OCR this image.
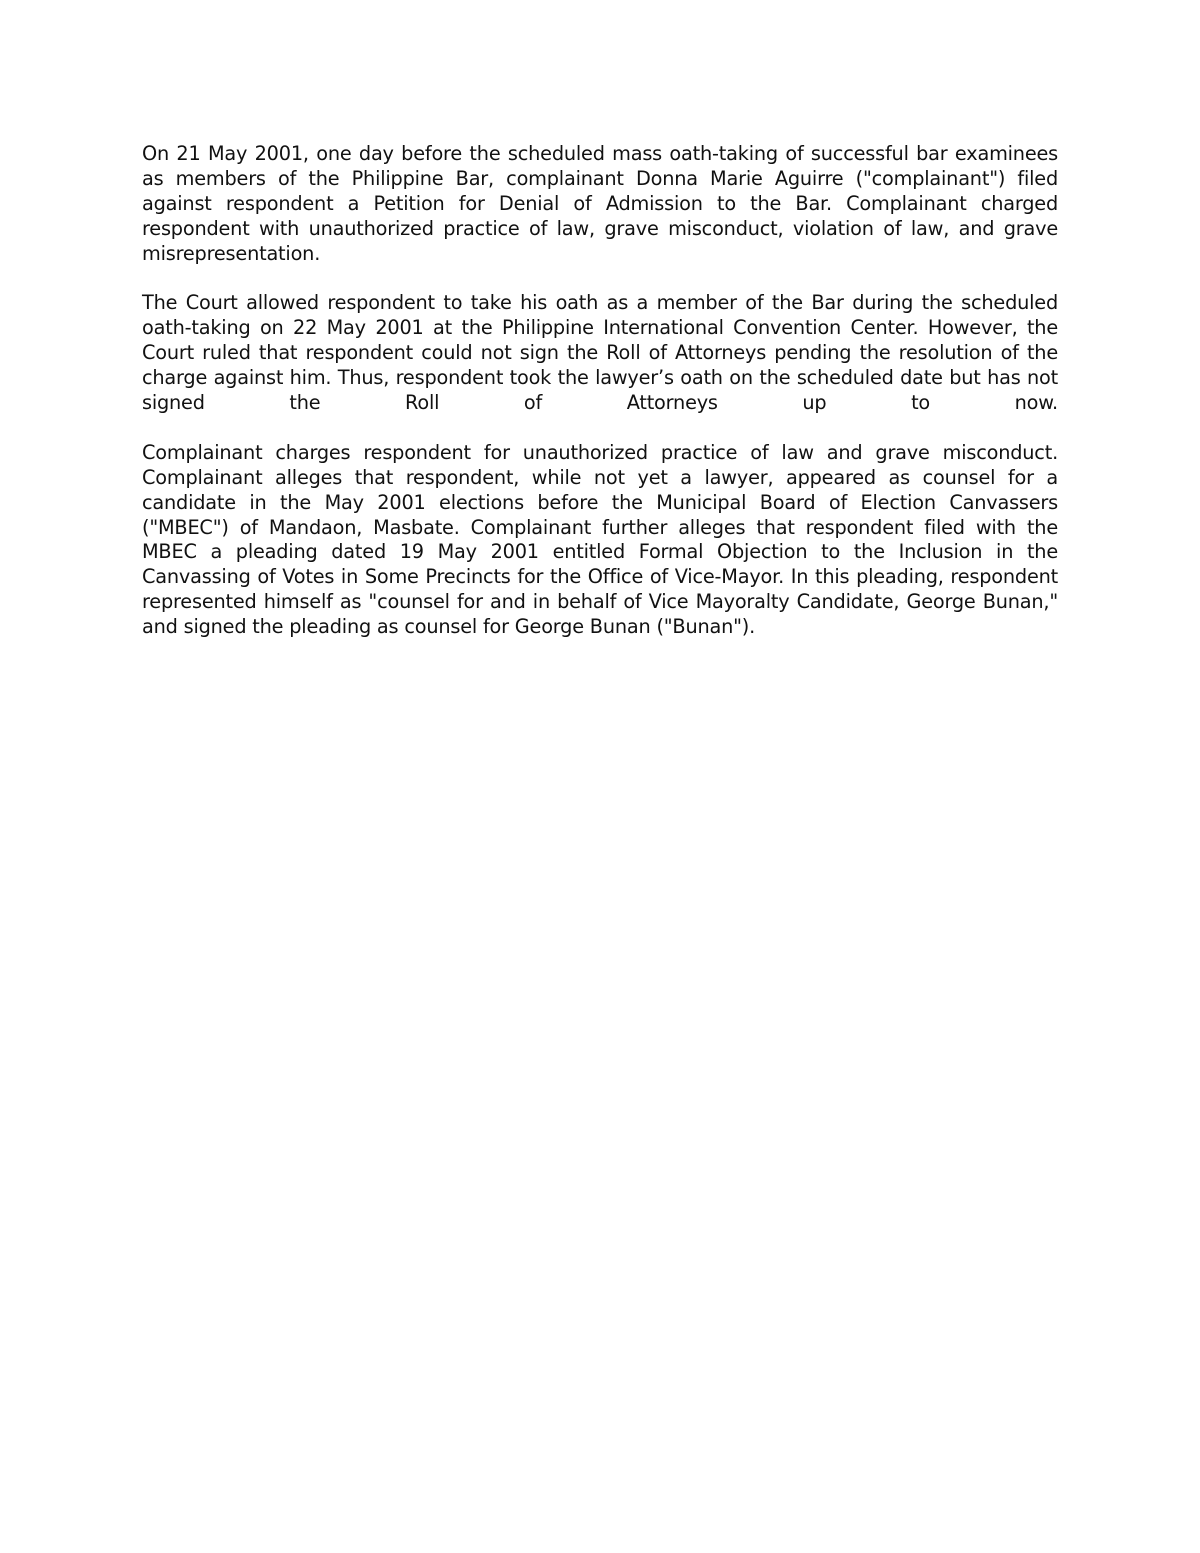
On 21 May 2001, one day before the scheduled mass oath-taking of successful bar examinees as members of the Philippine Bar, complainant Donna Marie Aguirre ("complainant") filed against respondent a Petition for Denial of Admission to the Bar. Complainant charged respondent with unauthorized practice of law, grave misconduct, violation of law, and grave misrepresentation.

The Court allowed respondent to take his oath as a member of the Bar during the scheduled oath-taking on 22 May 2001 at the Philippine International Convention Center. However, the Court ruled that respondent could not sign the Roll of Attorneys pending the resolution of the charge against him. Thus, respondent took the lawyer’s oath on the scheduled date but has not signed the Roll of Attorneys up to now.

Complainant charges respondent for unauthorized practice of law and grave misconduct. Complainant alleges that respondent, while not yet a lawyer, appeared as counsel for a candidate in the May 2001 elections before the Municipal Board of Election Canvassers ("MBEC") of Mandaon, Masbate. Complainant further alleges that respondent filed with the MBEC a pleading dated 19 May 2001 entitled Formal Objection to the Inclusion in the Canvassing of Votes in Some Precincts for the Office of Vice-Mayor. In this pleading, respondent represented himself as "counsel for and in behalf of Vice Mayoralty Candidate, George Bunan," and signed the pleading as counsel for George Bunan ("Bunan").
